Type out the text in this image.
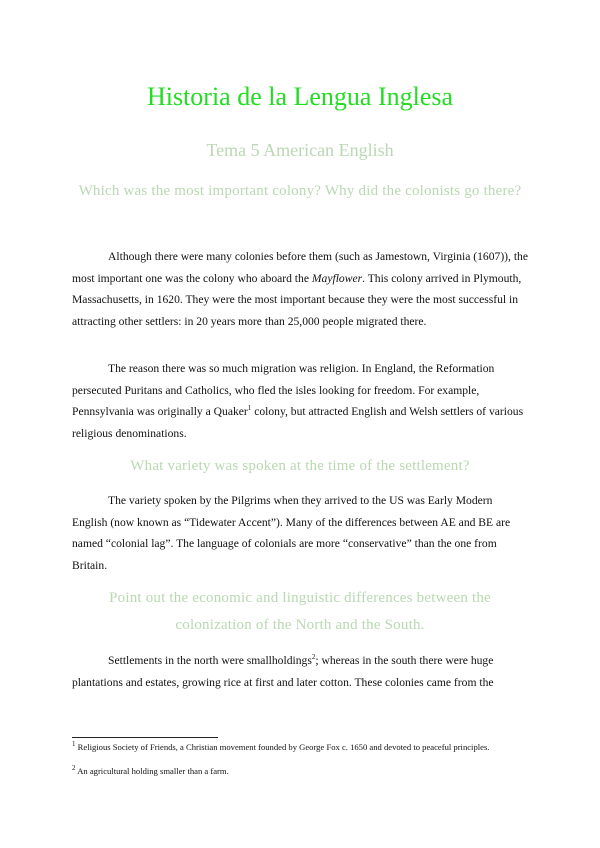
Historia de la Lengua Inglesa
Tema 5 American English
Which was the most important colony? Why did the colonists go there?

Although there were many colonies before them (such as Jamestown, Virginia (1607)), the most important one was the colony who aboard the Mayflower. This colony arrived in Plymouth, Massachusetts, in 1620. They were the most important because they were the most successful in attracting other settlers: in 20 years more than 25,000 people migrated there.

The reason there was so much migration was religion. In England, the Reformation persecuted Puritans and Catholics, who fled the isles looking for freedom. For example, Pennsylvania was originally a Quaker$^1$ colony, but attracted English and Welsh settlers of various religious denominations.

What variety was spoken at the time of the settlement?

The variety spoken by the Pilgrims when they arrived to the US was Early Modern English (now known as “Tidewater Accent”). Many of the differences between AE and BE are named “colonial lag”. The language of colonials are more “conservative” than the one from Britain.

Point out the economic and linguistic differences between the colonization of the North and the South.

Settlements in the north were smallholdings$^2$; whereas in the south there were huge plantations and estates, growing rice at first and later cotton. These colonies came from the

$^1$ Religious Society of Friends, a Christian movement founded by George Fox c. 1650 and devoted to peaceful principles.

$^2$ An agricultural holding smaller than a farm.
